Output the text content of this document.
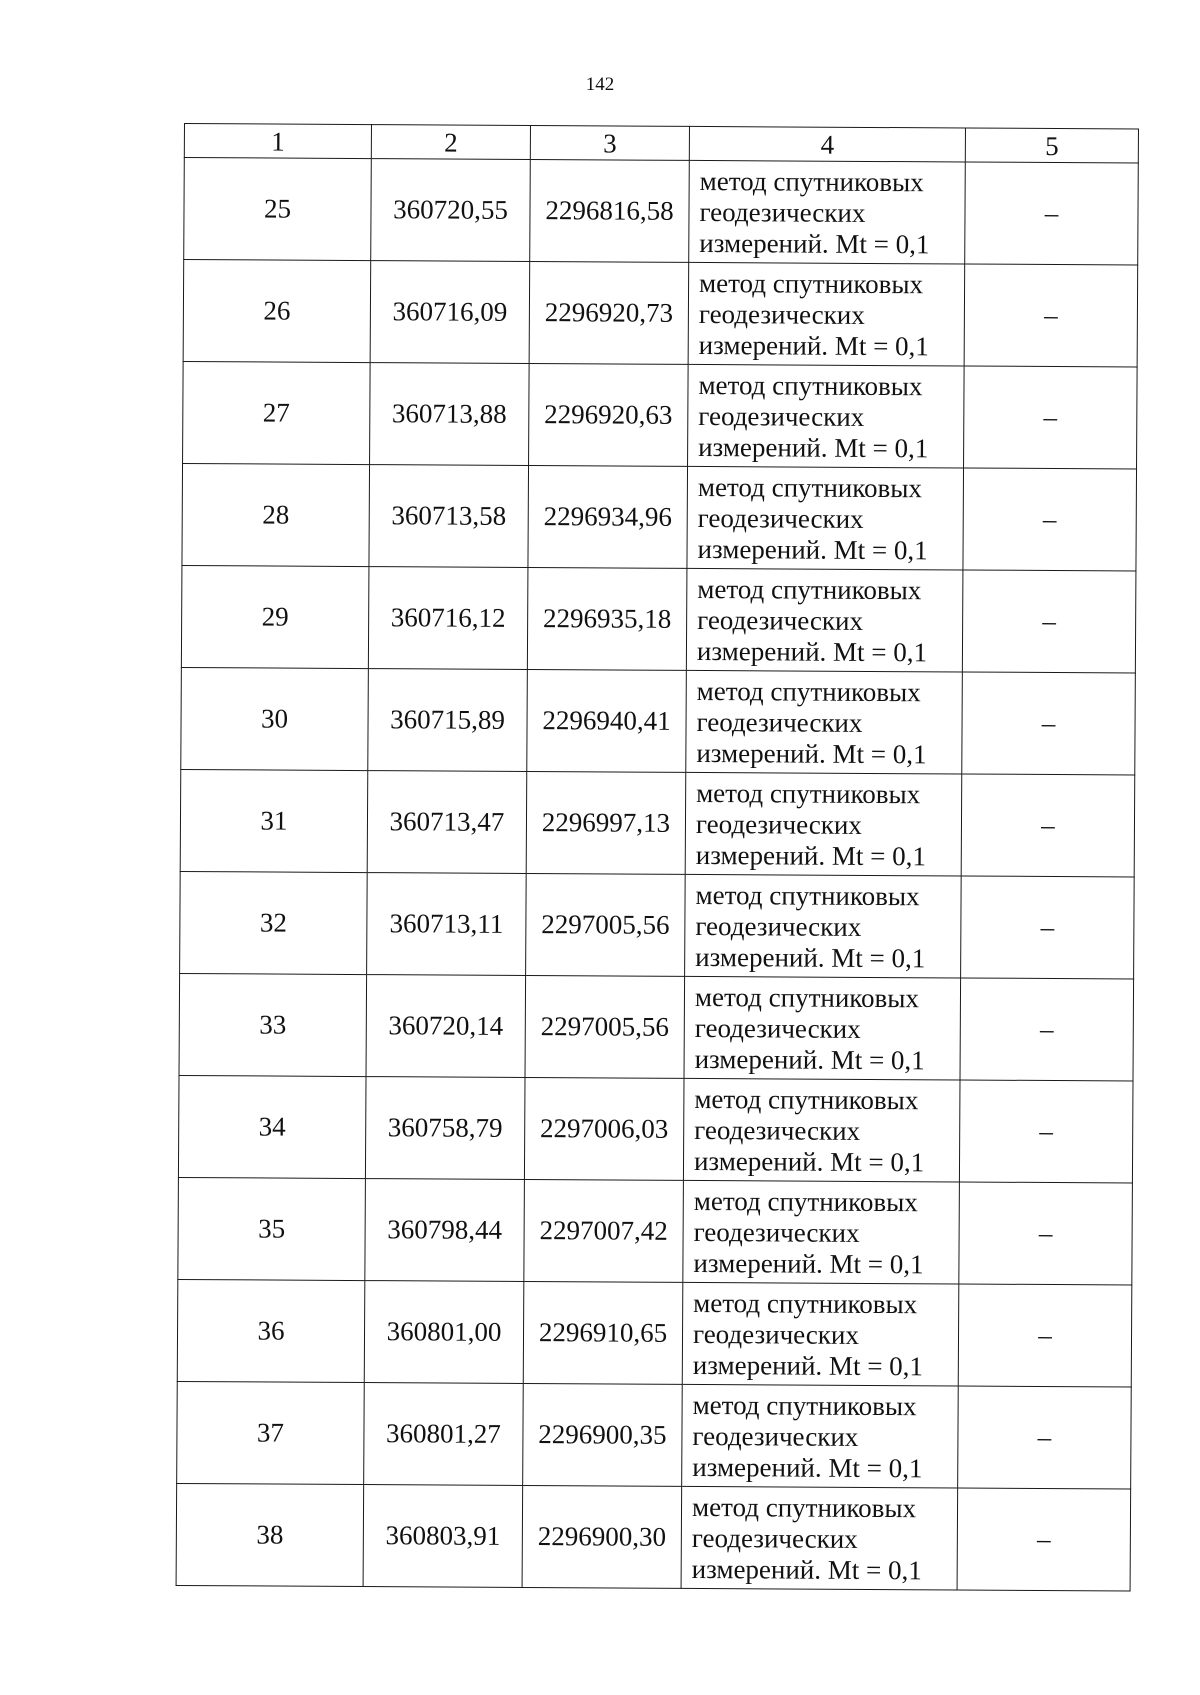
142
1	2	3	4	5
25	360720,55	2296816,58	метод спутниковых
геодезических
измерений. Mt = 0,1	–
26	360716,09	2296920,73	метод спутниковых
геодезических
измерений. Mt = 0,1	–
27	360713,88	2296920,63	метод спутниковых
геодезических
измерений. Mt = 0,1	–
28	360713,58	2296934,96	метод спутниковых
геодезических
измерений. Mt = 0,1	–
29	360716,12	2296935,18	метод спутниковых
геодезических
измерений. Mt = 0,1	–
30	360715,89	2296940,41	метод спутниковых
геодезических
измерений. Mt = 0,1	–
31	360713,47	2296997,13	метод спутниковых
геодезических
измерений. Mt = 0,1	–
32	360713,11	2297005,56	метод спутниковых
геодезических
измерений. Mt = 0,1	–
33	360720,14	2297005,56	метод спутниковых
геодезических
измерений. Mt = 0,1	–
34	360758,79	2297006,03	метод спутниковых
геодезических
измерений. Mt = 0,1	–
35	360798,44	2297007,42	метод спутниковых
геодезических
измерений. Mt = 0,1	–
36	360801,00	2296910,65	метод спутниковых
геодезических
измерений. Mt = 0,1	–
37	360801,27	2296900,35	метод спутниковых
геодезических
измерений. Mt = 0,1	–
38	360803,91	2296900,30	метод спутниковых
геодезических
измерений. Mt = 0,1	–
